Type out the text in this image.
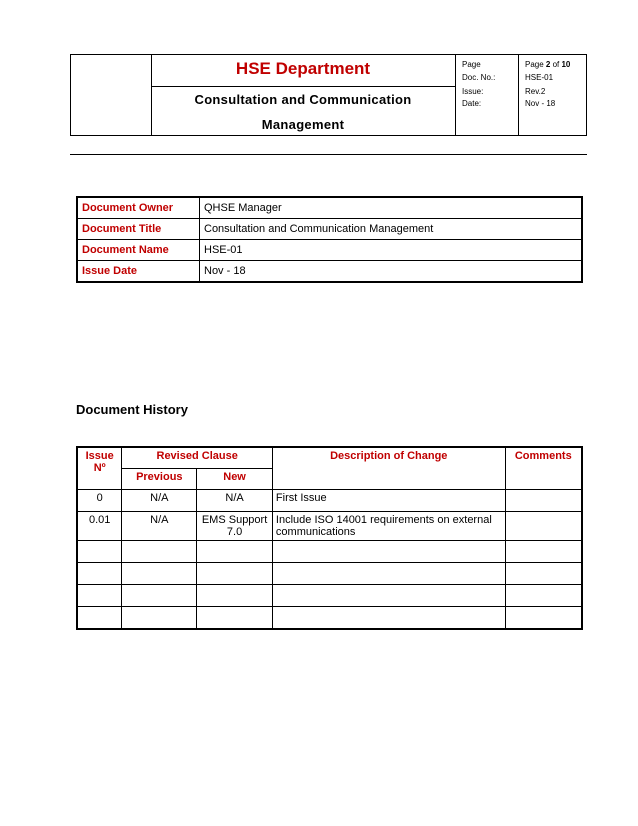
HSE Department
Consultation and Communication
Management
Page
Doc. No.:
Issue:
Date:
Page 2 of 10
HSE-01
Rev.2
Nov - 18
Document Owner	QHSE Manager
Document Title	Consultation and Communication Management
Document Name	HSE-01
Issue Date	Nov - 18
Document History
Issue Nº	Revised Clause		Description of Change	Comments
	Previous	New		
0	N/A	N/A	First Issue	
0.01	N/A	EMS Support 7.0	Include ISO 14001 requirements on external communications	
